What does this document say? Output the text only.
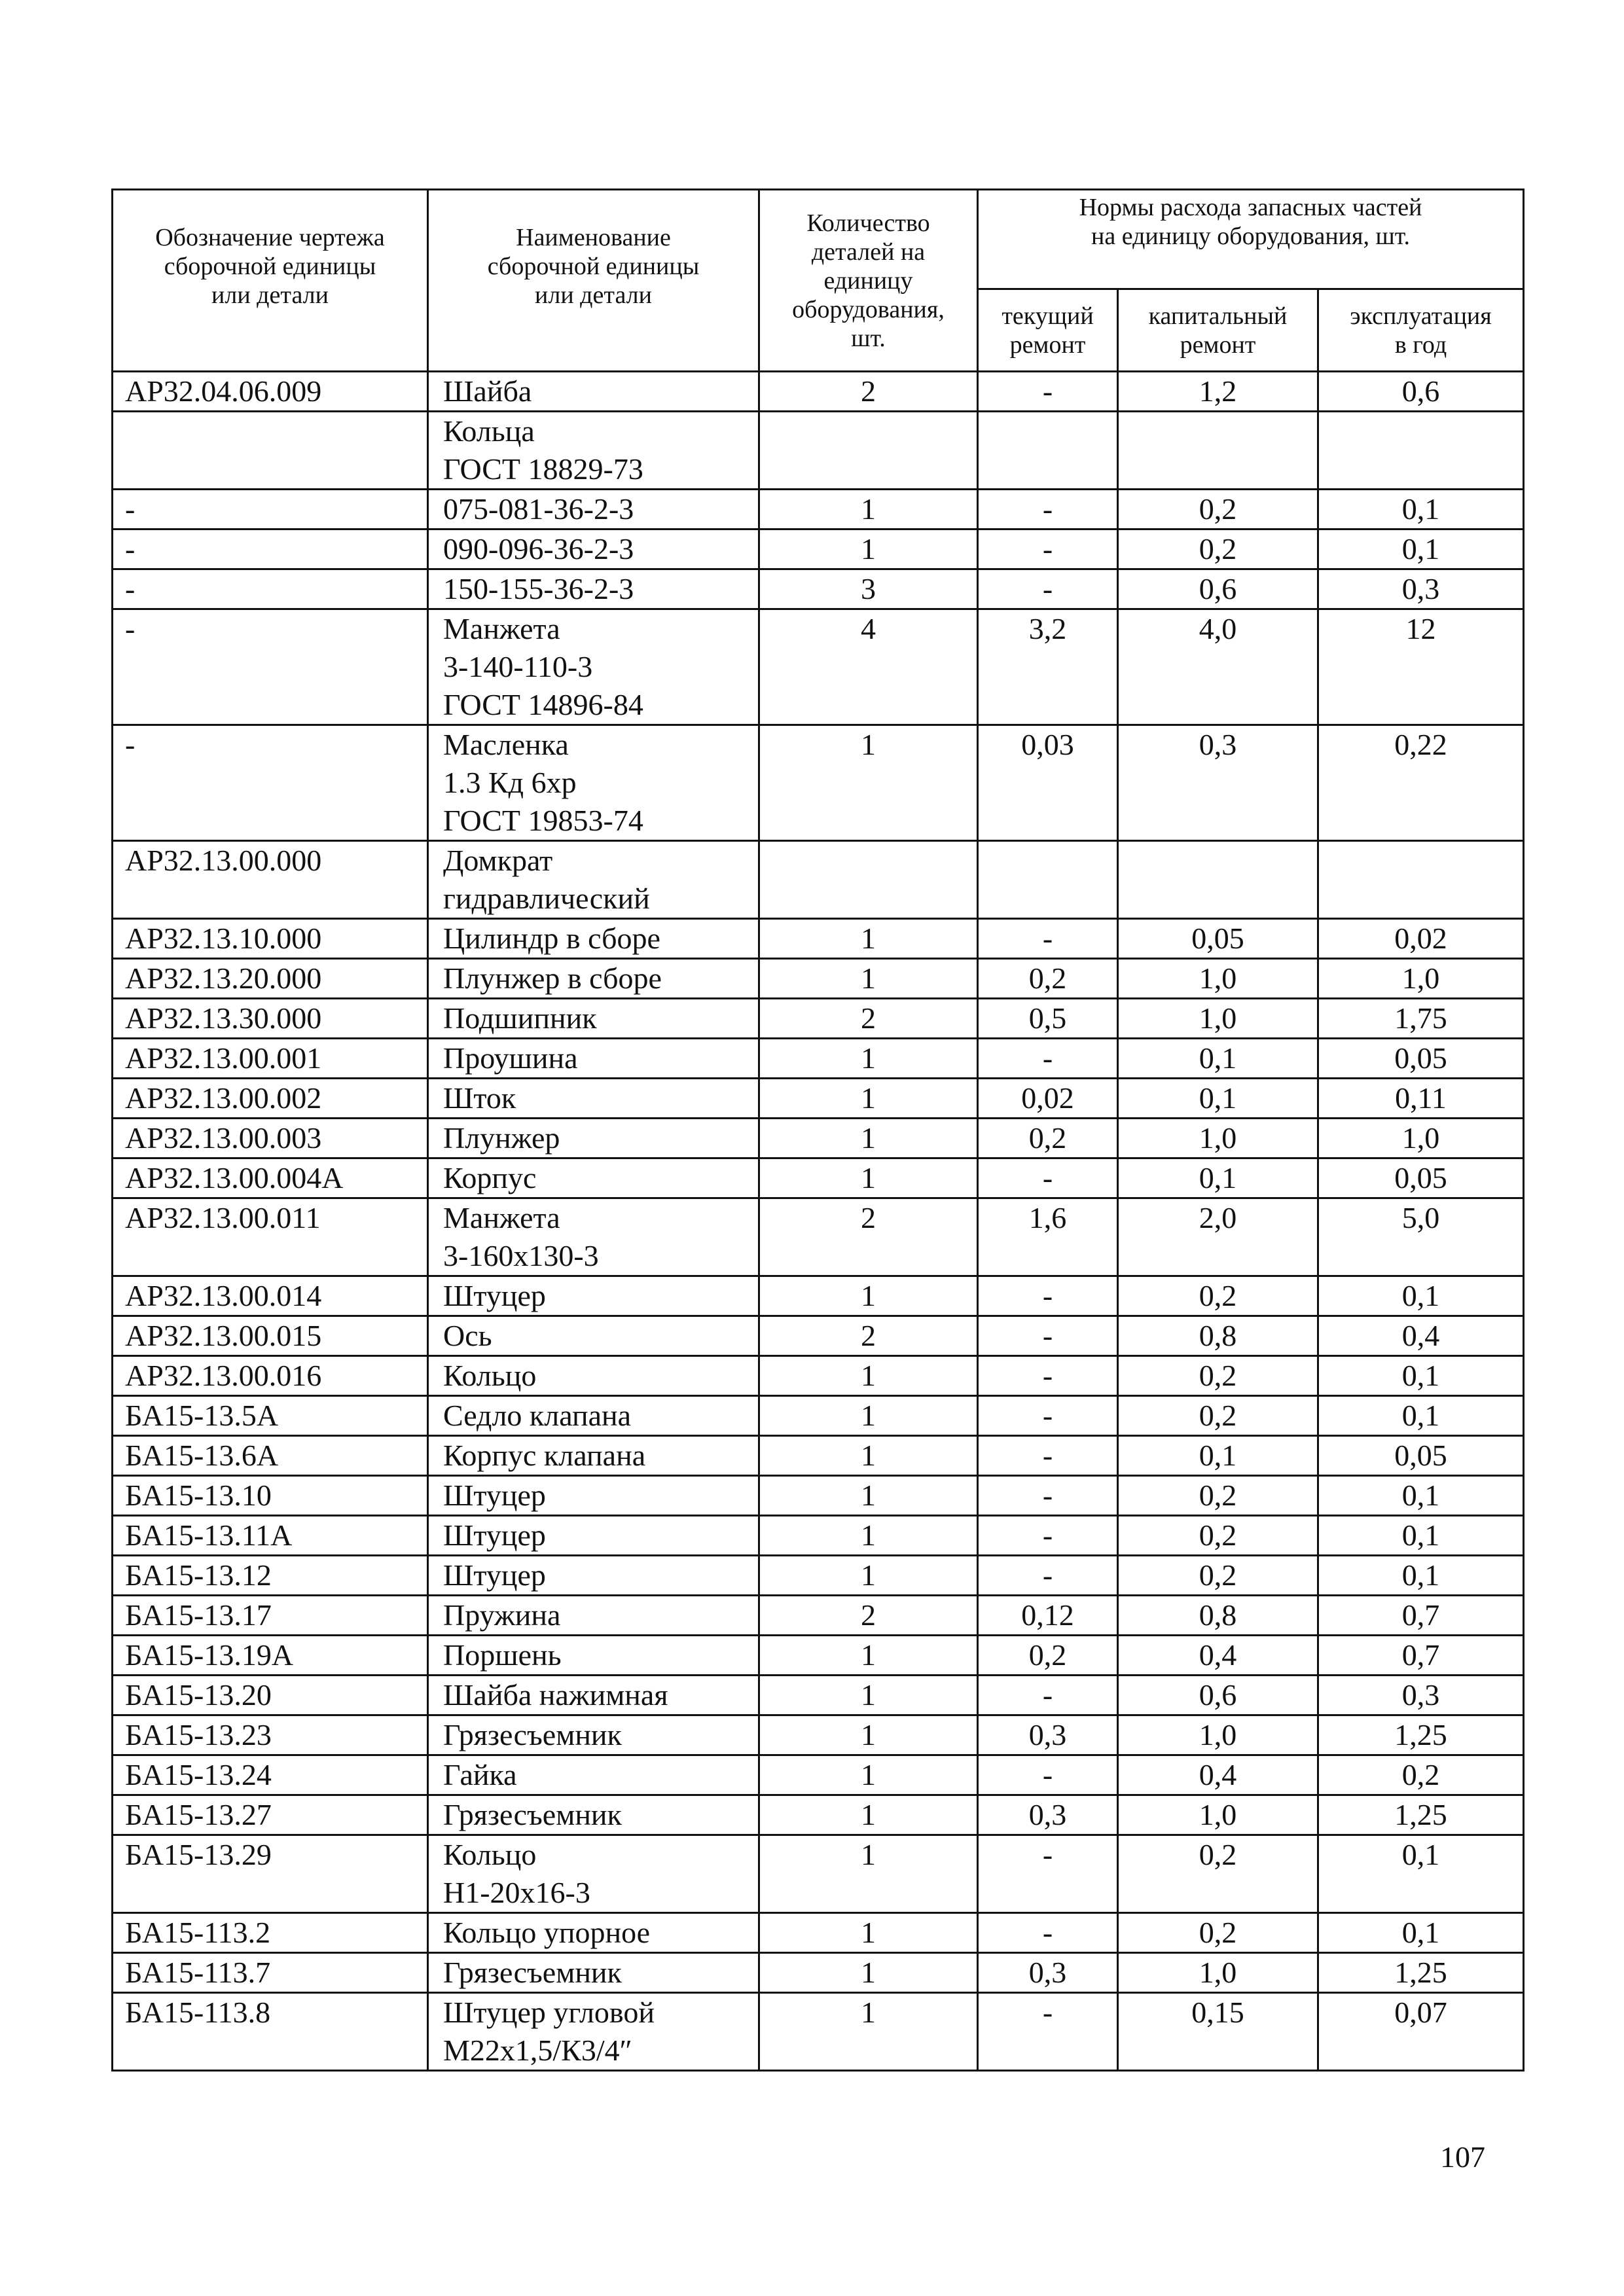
Обозначение чертежа
сборочной единицы
или детали	Наименование
сборочной единицы
или детали	Количество
деталей на
единицу
оборудования,
шт.	Нормы расхода запасных частей
на единицу оборудования, шт.		
			текущий
ремонт	капитальный
ремонт	эксплуатация
в год
АР32.04.06.009	Шайба	2	-	1,2	0,6
	Кольца
ГОСТ 18829-73				
-	075-081-36-2-3	1	-	0,2	0,1
-	090-096-36-2-3	1	-	0,2	0,1
-	150-155-36-2-3	3	-	0,6	0,3
-	Манжета
3-140-110-3
ГОСТ 14896-84	4	3,2	4,0	12
-	Масленка
1.3 Кд 6хр
ГОСТ 19853-74	1	0,03	0,3	0,22
АР32.13.00.000	Домкрат
гидравлический				
АР32.13.10.000	Цилиндр в сборе	1	-	0,05	0,02
АР32.13.20.000	Плунжер в сборе	1	0,2	1,0	1,0
АР32.13.30.000	Подшипник	2	0,5	1,0	1,75
АР32.13.00.001	Проушина	1	-	0,1	0,05
АР32.13.00.002	Шток	1	0,02	0,1	0,11
АР32.13.00.003	Плунжер	1	0,2	1,0	1,0
АР32.13.00.004А	Корпус	1	-	0,1	0,05
АР32.13.00.011	Манжета
3-160х130-3	2	1,6	2,0	5,0
АР32.13.00.014	Штуцер	1	-	0,2	0,1
АР32.13.00.015	Ось	2	-	0,8	0,4
АР32.13.00.016	Кольцо	1	-	0,2	0,1
БА15-13.5А	Седло клапана	1	-	0,2	0,1
БА15-13.6А	Корпус клапана	1	-	0,1	0,05
БА15-13.10	Штуцер	1	-	0,2	0,1
БА15-13.11А	Штуцер	1	-	0,2	0,1
БА15-13.12	Штуцер	1	-	0,2	0,1
БА15-13.17	Пружина	2	0,12	0,8	0,7
БА15-13.19А	Поршень	1	0,2	0,4	0,7
БА15-13.20	Шайба нажимная	1	-	0,6	0,3
БА15-13.23	Грязесъемник	1	0,3	1,0	1,25
БА15-13.24	Гайка	1	-	0,4	0,2
БА15-13.27	Грязесъемник	1	0,3	1,0	1,25
БА15-13.29	Кольцо
Н1-20х16-3	1	-	0,2	0,1
БА15-113.2	Кольцо упорное	1	-	0,2	0,1
БА15-113.7	Грязесъемник	1	0,3	1,0	1,25
БА15-113.8	Штуцер угловой
М22х1,5/К3/4″	1	-	0,15	0,07
107
